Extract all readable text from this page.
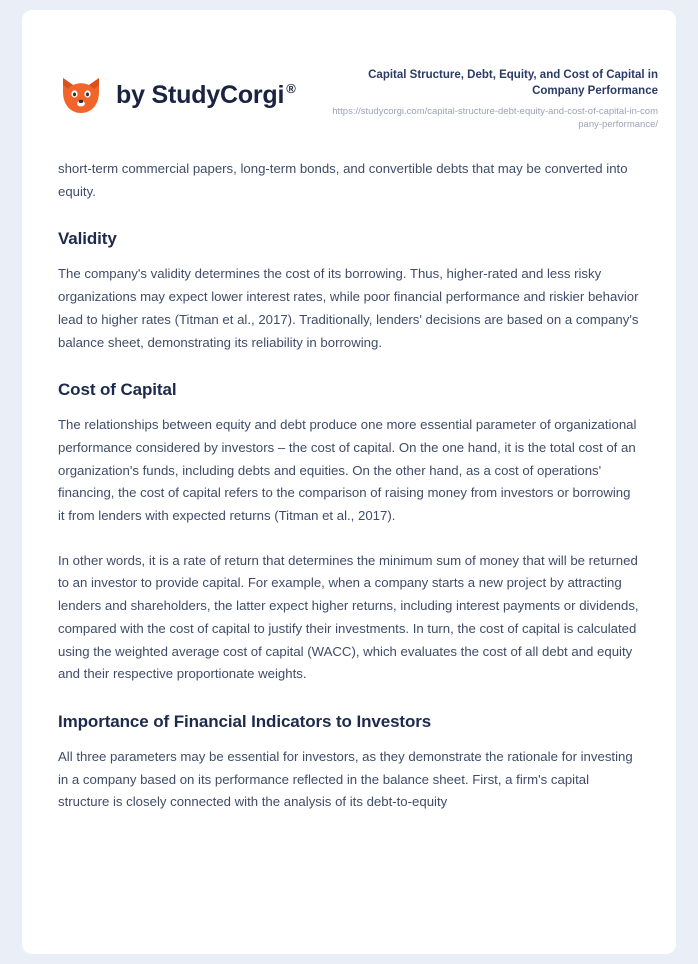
by StudyCorgi ®
Capital Structure, Debt, Equity, and Cost of Capital in Company Performance
https://studycorgi.com/capital-structure-debt-equity-and-cost-of-capital-in-company-performance/

short-term commercial papers, long-term bonds, and convertible debts that may be converted into equity.

Validity

The company's validity determines the cost of its borrowing. Thus, higher-rated and less risky organizations may expect lower interest rates, while poor financial performance and riskier behavior lead to higher rates (Titman et al., 2017). Traditionally, lenders' decisions are based on a company's balance sheet, demonstrating its reliability in borrowing.

Cost of Capital

The relationships between equity and debt produce one more essential parameter of organizational performance considered by investors – the cost of capital. On the one hand, it is the total cost of an organization's funds, including debts and equities. On the other hand, as a cost of operations' financing, the cost of capital refers to the comparison of raising money from investors or borrowing it from lenders with expected returns (Titman et al., 2017).

In other words, it is a rate of return that determines the minimum sum of money that will be returned to an investor to provide capital. For example, when a company starts a new project by attracting lenders and shareholders, the latter expect higher returns, including interest payments or dividends, compared with the cost of capital to justify their investments. In turn, the cost of capital is calculated using the weighted average cost of capital (WACC), which evaluates the cost of all debt and equity and their respective proportionate weights.

Importance of Financial Indicators to Investors

All three parameters may be essential for investors, as they demonstrate the rationale for investing in a company based on its performance reflected in the balance sheet. First, a firm's capital structure is closely connected with the analysis of its debt-to-equity
